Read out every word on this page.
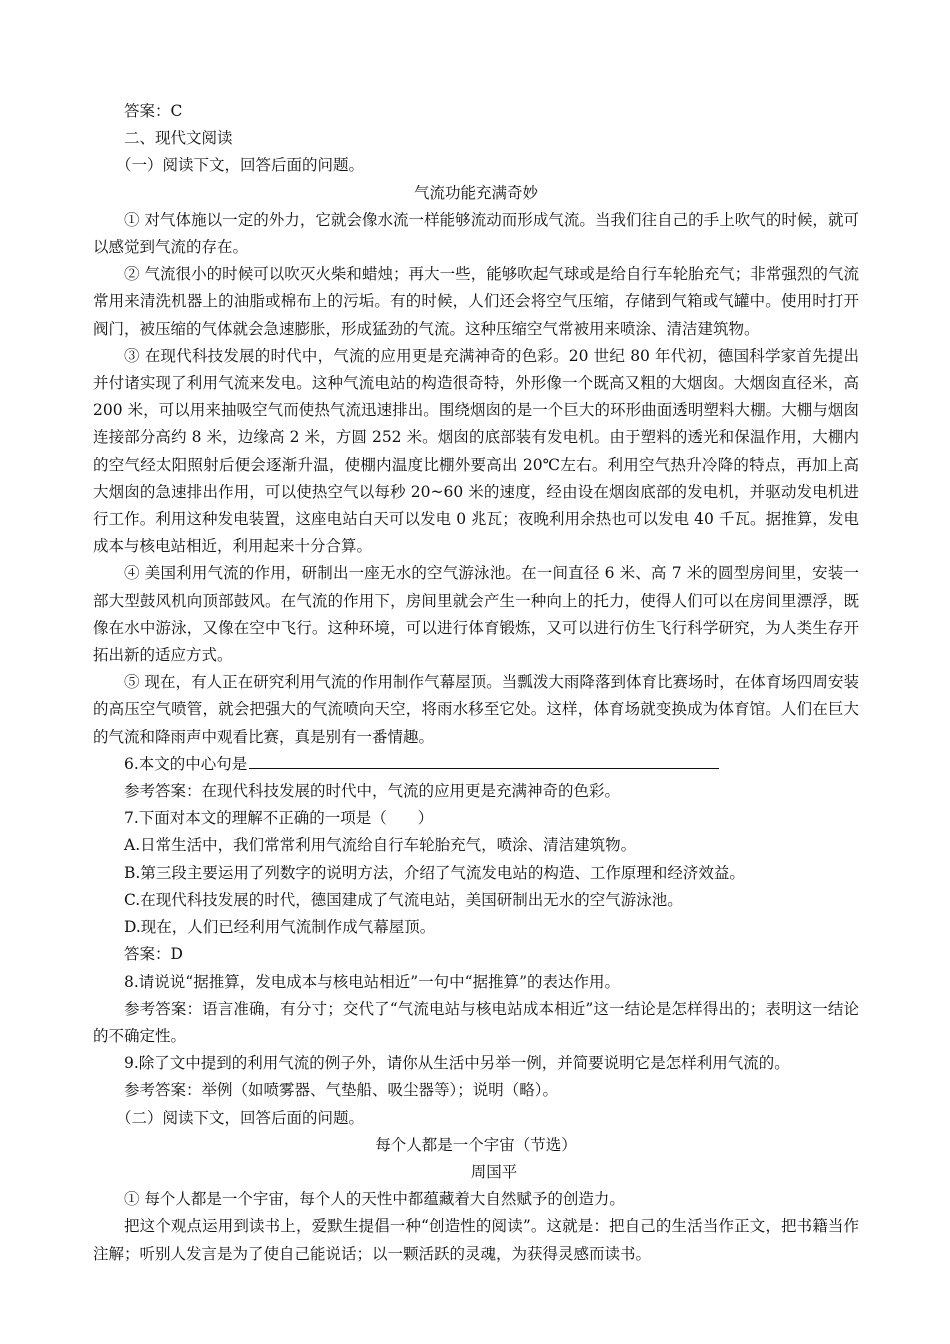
答案：C

二、现代文阅读

（一）阅读下文，回答后面的问题。

气流功能充满奇妙

① 对气体施以一定的外力，它就会像水流一样能够流动而形成气流。当我们往自己的手上吹气的时候，就可以感觉到气流的存在。

② 气流很小的时候可以吹灭火柴和蜡烛；再大一些，能够吹起气球或是给自行车轮胎充气；非常强烈的气流常用来清洗机器上的油脂或棉布上的污垢。有的时候，人们还会将空气压缩，存储到气箱或气罐中。使用时打开阀门，被压缩的气体就会急速膨胀，形成猛劲的气流。这种压缩空气常被用来喷涂、清洁建筑物。

③ 在现代科技发展的时代中，气流的应用更是充满神奇的色彩。20 世纪 80 年代初，德国科学家首先提出并付诸实现了利用气流来发电。这种气流电站的构造很奇特，外形像一个既高又粗的大烟囱。大烟囱直径米，高 200 米，可以用来抽吸空气而使热气流迅速排出。围绕烟囱的是一个巨大的环形曲面透明塑料大棚。大棚与烟囱连接部分高约 8 米，边缘高 2 米，方圆 252 米。烟囱的底部装有发电机。由于塑料的透光和保温作用，大棚内的空气经太阳照射后便会逐渐升温，使棚内温度比棚外要高出 20℃左右。利用空气热升冷降的特点，再加上高大烟囱的急速排出作用，可以使热空气以每秒 20~60 米的速度，经由设在烟囱底部的发电机，并驱动发电机进行工作。利用这种发电装置，这座电站白天可以发电 0 兆瓦；夜晚利用余热也可以发电 40 千瓦。据推算，发电成本与核电站相近，利用起来十分合算。

④ 美国利用气流的作用，研制出一座无水的空气游泳池。在一间直径 6 米、高 7 米的圆型房间里，安装一部大型鼓风机向顶部鼓风。在气流的作用下，房间里就会产生一种向上的托力，使得人们可以在房间里漂浮，既像在水中游泳，又像在空中飞行。这种环境，可以进行体育锻炼，又可以进行仿生飞行科学研究，为人类生存开拓出新的适应方式。

⑤ 现在，有人正在研究利用气流的作用制作气幕屋顶。当瓢泼大雨降落到体育比赛场时，在体育场四周安装的高压空气喷管，就会把强大的气流喷向天空，将雨水移至它处。这样，体育场就变换成为体育馆。人们在巨大的气流和降雨声中观看比赛，真是别有一番情趣。

6.本文的中心句是

参考答案：在现代科技发展的时代中，气流的应用更是充满神奇的色彩。

7.下面对本文的理解不正确的一项是（　　）

A.日常生活中，我们常常利用气流给自行车轮胎充气，喷涂、清洁建筑物。

B.第三段主要运用了列数字的说明方法，介绍了气流发电站的构造、工作原理和经济效益。

C.在现代科技发展的时代，德国建成了气流电站，美国研制出无水的空气游泳池。

D.现在，人们已经利用气流制作成气幕屋顶。

答案：D

8.请说说“据推算，发电成本与核电站相近”一句中“据推算”的表达作用。

参考答案：语言准确，有分寸；交代了“气流电站与核电站成本相近”这一结论是怎样得出的；表明这一结论的不确定性。

9.除了文中提到的利用气流的例子外，请你从生活中另举一例，并简要说明它是怎样利用气流的。

参考答案：举例（如喷雾器、气垫船、吸尘器等）；说明（略）。

（二）阅读下文，回答后面的问题。

每个人都是一个宇宙（节选）

周国平

① 每个人都是一个宇宙，每个人的天性中都蕴藏着大自然赋予的创造力。

把这个观点运用到读书上，爱默生提倡一种“创造性的阅读”。这就是：把自己的生活当作正文，把书籍当作注解；听别人发言是为了使自己能说话；以一颗活跃的灵魂，为获得灵感而读书。
